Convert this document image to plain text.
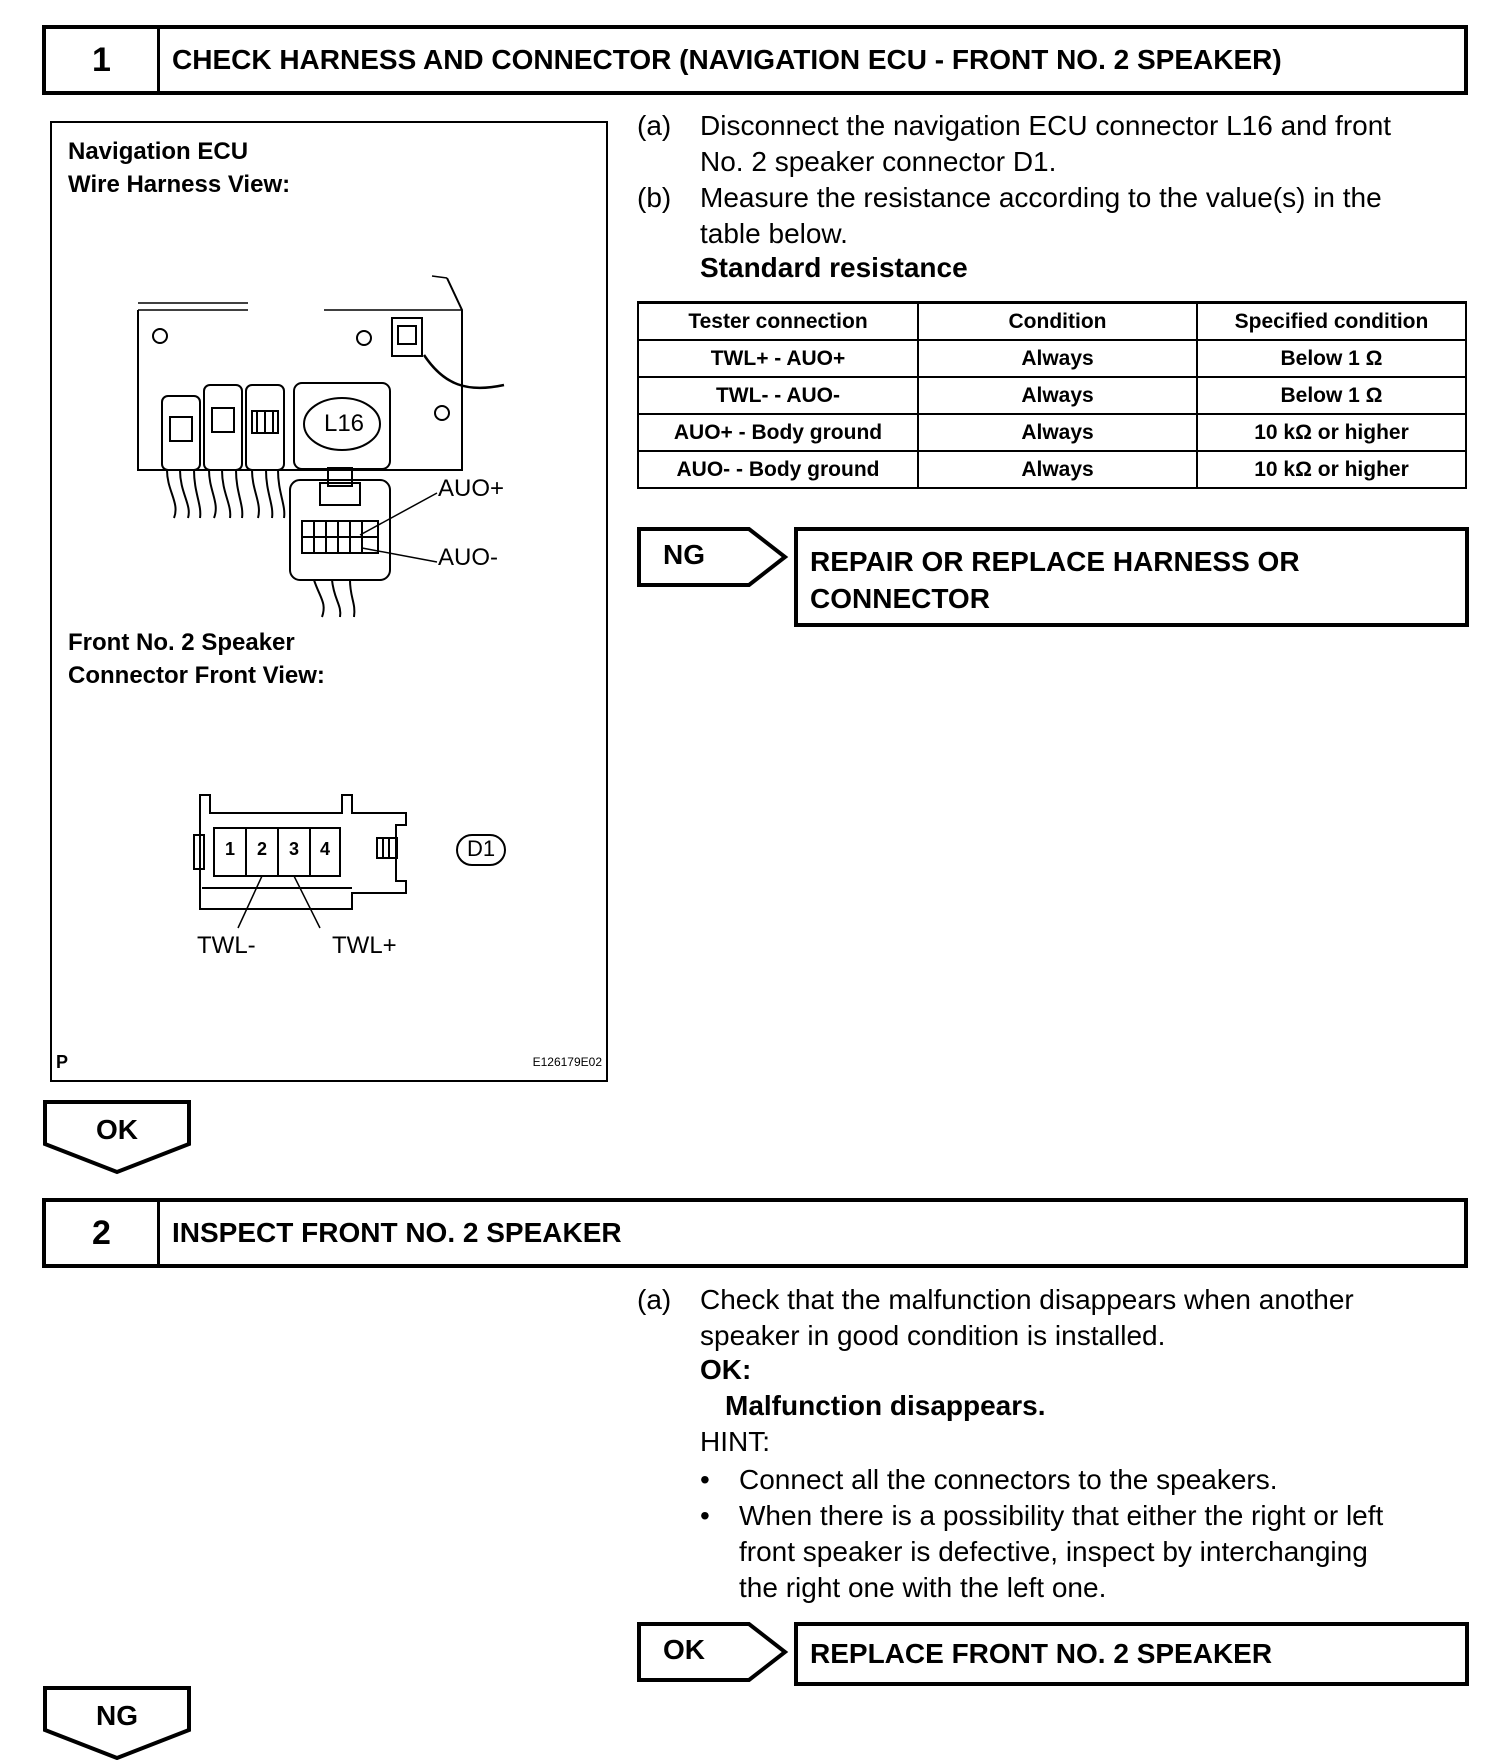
1	CHECK HARNESS AND CONNECTOR (NAVIGATION ECU - FRONT NO. 2 SPEAKER)
Navigation ECU
Wire Harness View:
L16
AUO+
AUO-
Front No. 2 Speaker
Connector Front View:
1	2	3	4	D1
TWL-	TWL+
P	E126179E02
(a) Disconnect the navigation ECU connector L16 and front
No. 2 speaker connector D1.
(b) Measure the resistance according to the value(s) in the
table below.
Standard resistance
Tester connection	Condition	Specified condition
TWL+ - AUO+	Always	Below 1 Ω
TWL- - AUO-	Always	Below 1 Ω
AUO+ - Body ground	Always	10 kΩ or higher
AUO- - Body ground	Always	10 kΩ or higher
NG	REPAIR OR REPLACE HARNESS OR
CONNECTOR
OK
2	INSPECT FRONT NO. 2 SPEAKER
(a) Check that the malfunction disappears when another
speaker in good condition is installed.
OK:
Malfunction disappears.
HINT:
• Connect all the connectors to the speakers.
• When there is a possibility that either the right or left
front speaker is defective, inspect by interchanging
the right one with the left one.
OK	REPLACE FRONT NO. 2 SPEAKER
NG
